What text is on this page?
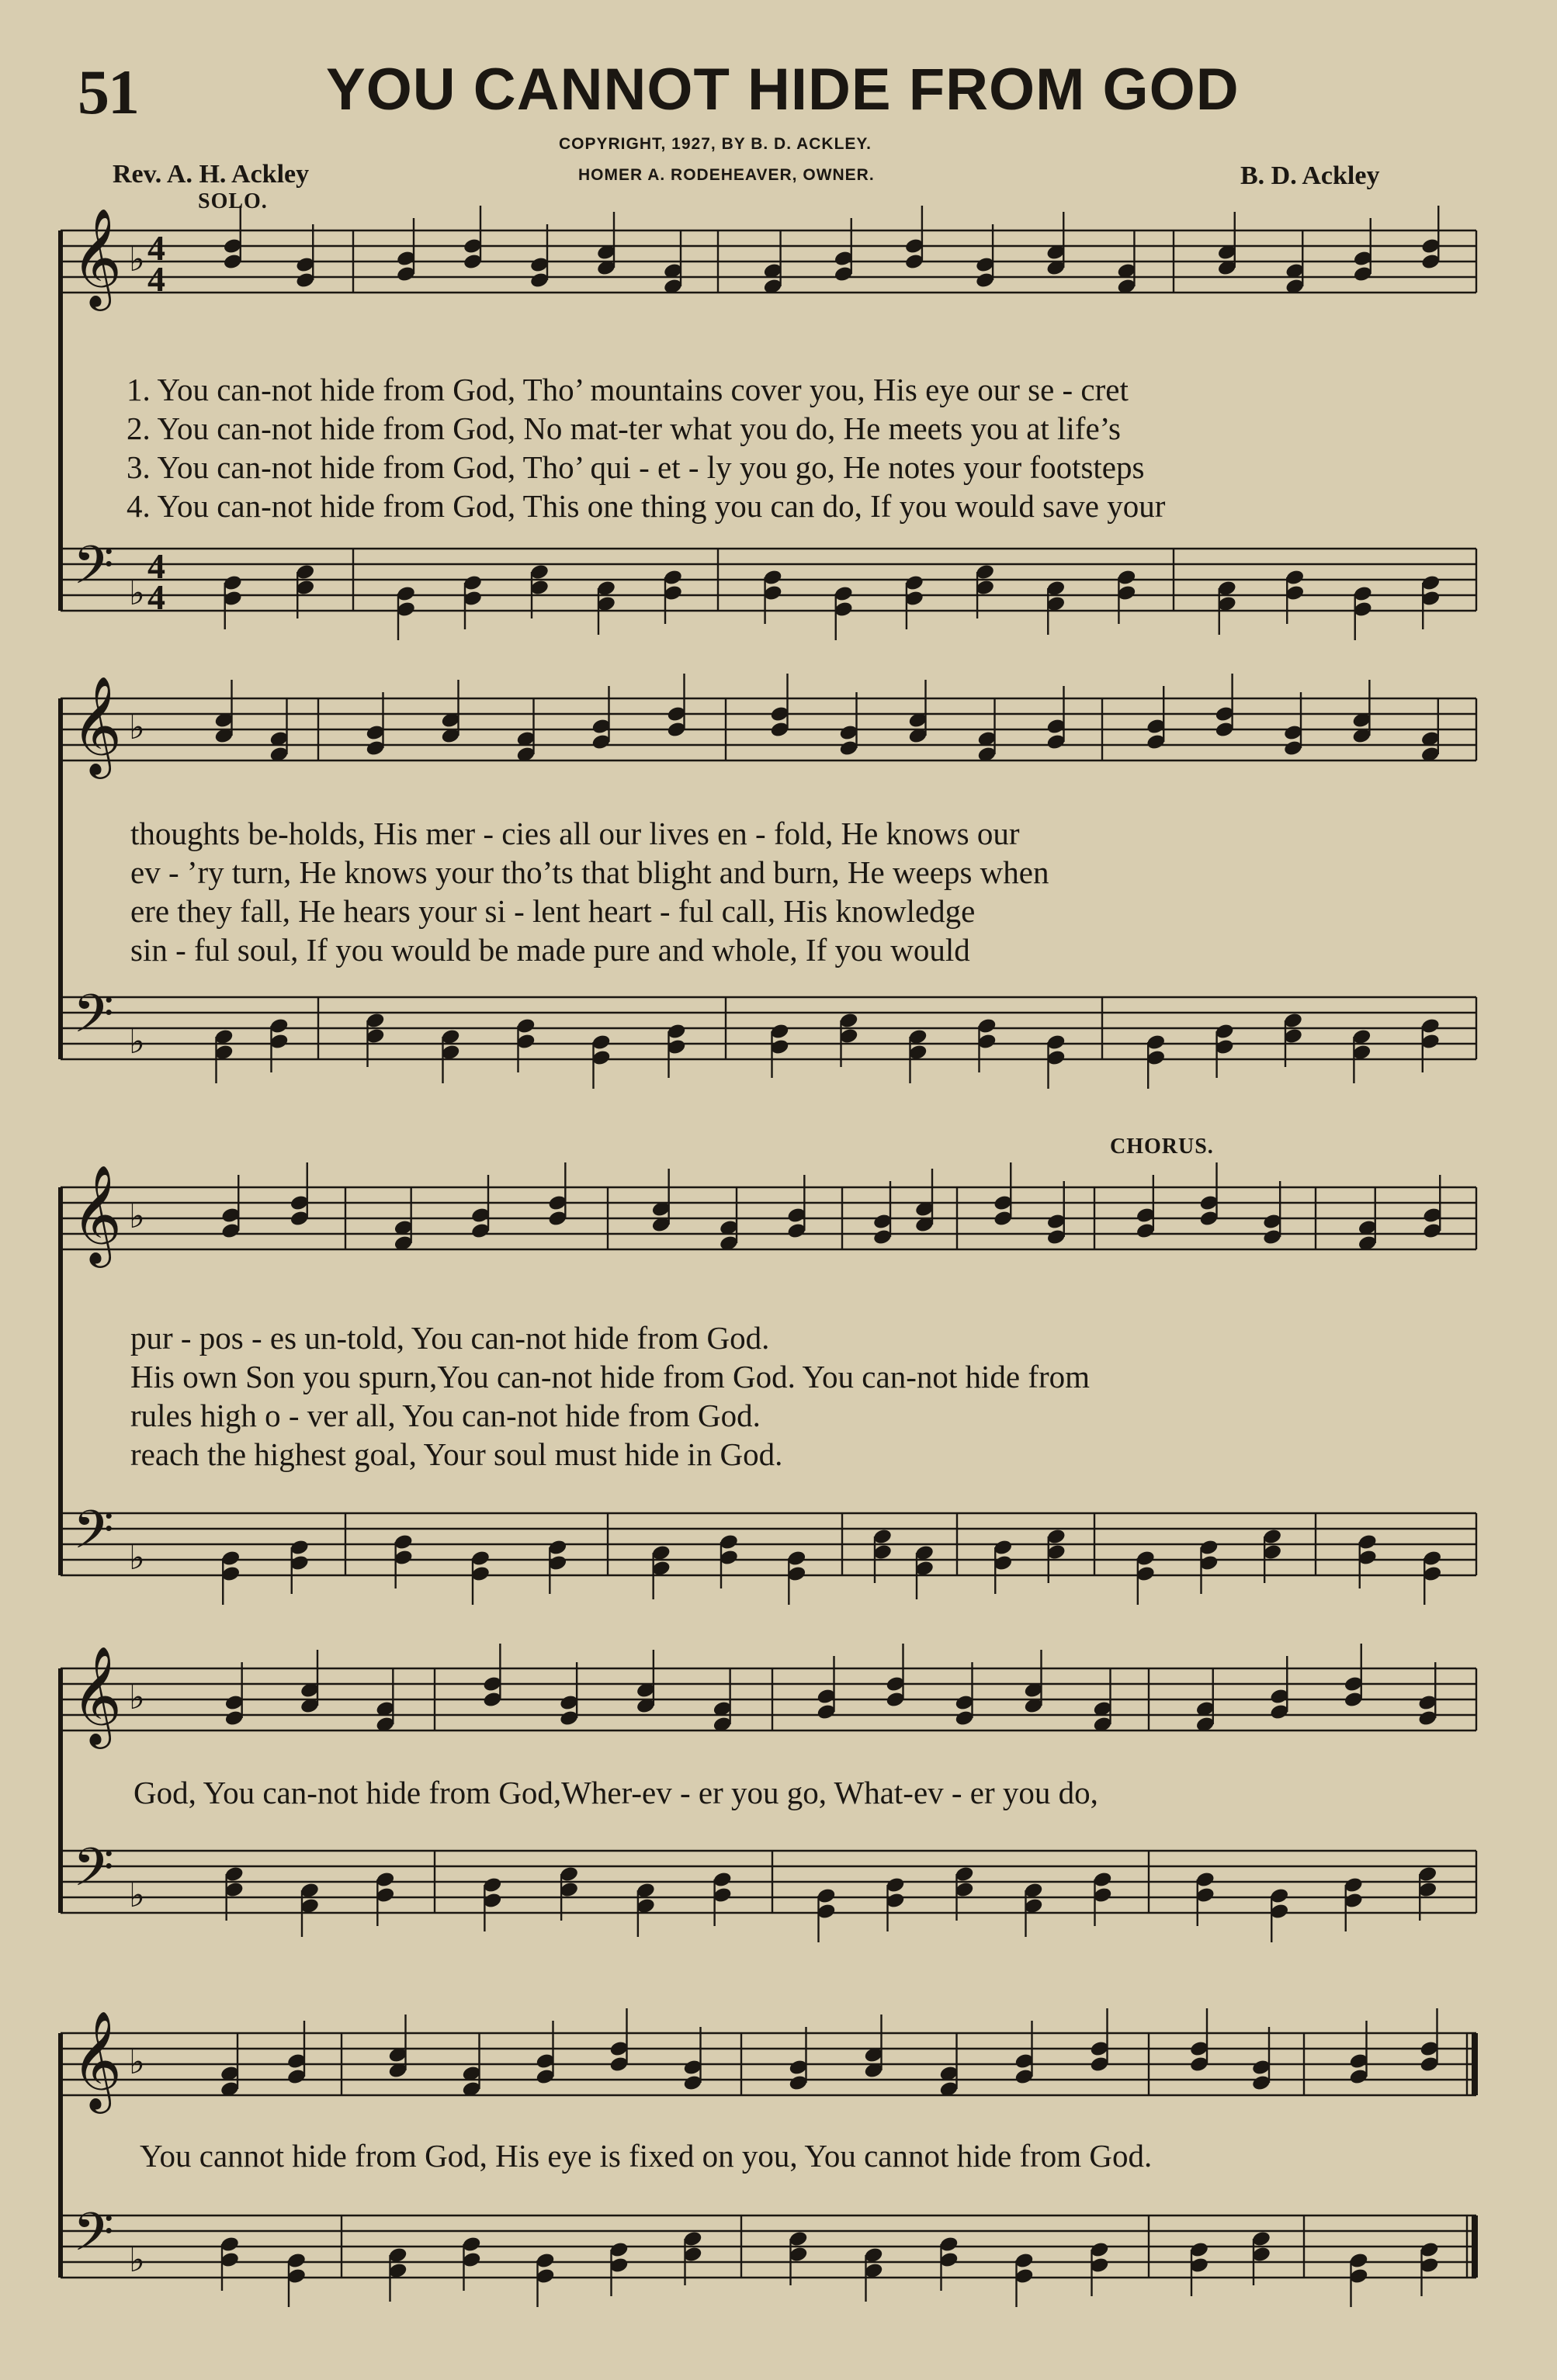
51	YOU CANNOT HIDE FROM GOD
COPYRIGHT, 1927, BY B. D. ACKLEY.
HOMER A. RODEHEAVER, OWNER.
Rev. A. H. Ackley	B. D. Ackley
SOLO.
CHORUS.
1. You can-not hide from God, Tho’ mountains cover you, His eye our se - cret
2. You can-not hide from God, No mat-ter what you do, He meets you at life’s
3. You can-not hide from God, Tho’ qui - et - ly you go, He notes your footsteps
4. You can-not hide from God, This one thing you can do, If you would save your
thoughts be-holds, His mer - cies all our lives en - fold, He knows our
ev - ’ry turn, He knows your tho’ts that blight and burn, He weeps when
ere they fall, He hears your si - lent heart - ful call, His knowledge
sin - ful soul, If you would be made pure and whole, If you would
pur - pos - es un-told, You can-not hide from God.
His own Son you spurn,You can-not hide from God. You can-not hide from
rules high o - ver all, You can-not hide from God.
reach the highest goal, Your soul must hide in God.
God, You can-not hide from God,Wher-ev - er you go, What-ev - er you do,
You cannot hide from God, His eye is fixed on you, You cannot hide from God.
𝄞
𝄢
♭
♭
4
4
4
4
𝄞
𝄢
♭
♭
𝄞
𝄢
♭
♭
𝄞
𝄢
♭
♭
𝄞
𝄢
♭
♭
